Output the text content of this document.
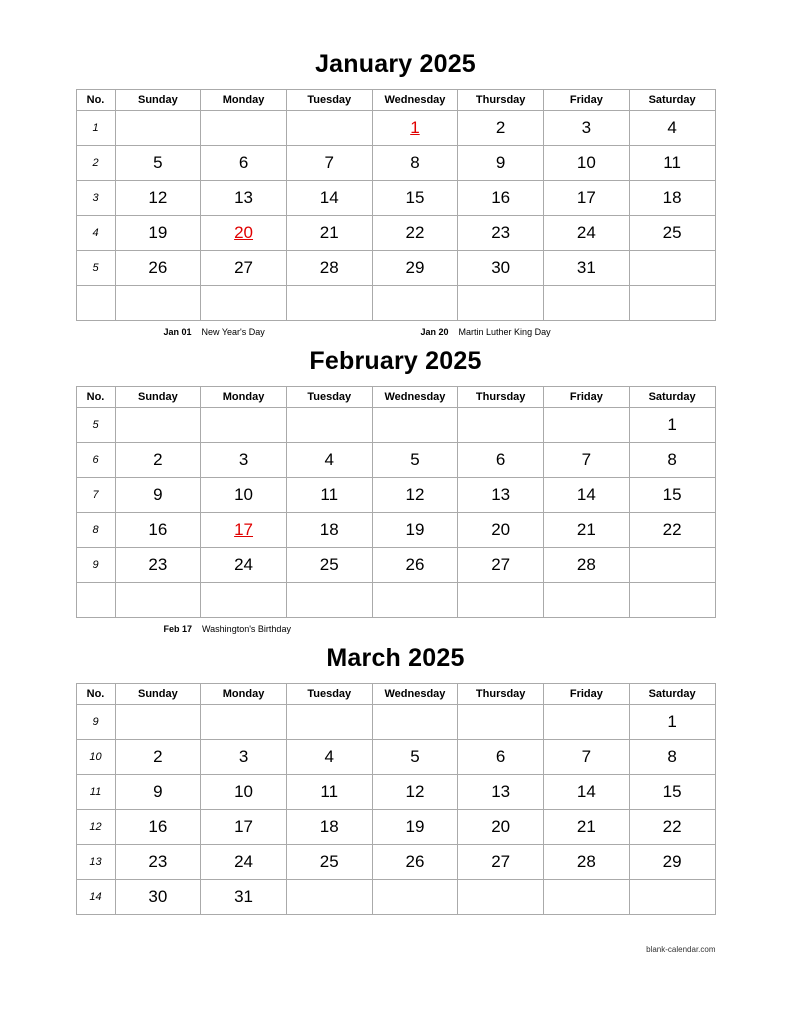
January 2025
No.	Sunday	Monday	Tuesday	Wednesday	Thursday	Friday	Saturday
1				1	2	3	4
2	5	6	7	8	9	10	11
3	12	13	14	15	16	17	18
4	19	20	21	22	23	24	25
5	26	27	28	29	30	31	

Jan 01 New Year's Day	Jan 20 Martin Luther King Day
February 2025
No.	Sunday	Monday	Tuesday	Wednesday	Thursday	Friday	Saturday
5							1
6	2	3	4	5	6	7	8
7	9	10	11	12	13	14	15
8	16	17	18	19	20	21	22
9	23	24	25	26	27	28	

Feb 17 Washington's Birthday
March 2025
No.	Sunday	Monday	Tuesday	Wednesday	Thursday	Friday	Saturday
9							1
10	2	3	4	5	6	7	8
11	9	10	11	12	13	14	15
12	16	17	18	19	20	21	22
13	23	24	25	26	27	28	29
14	30	31					
blank-calendar.com
